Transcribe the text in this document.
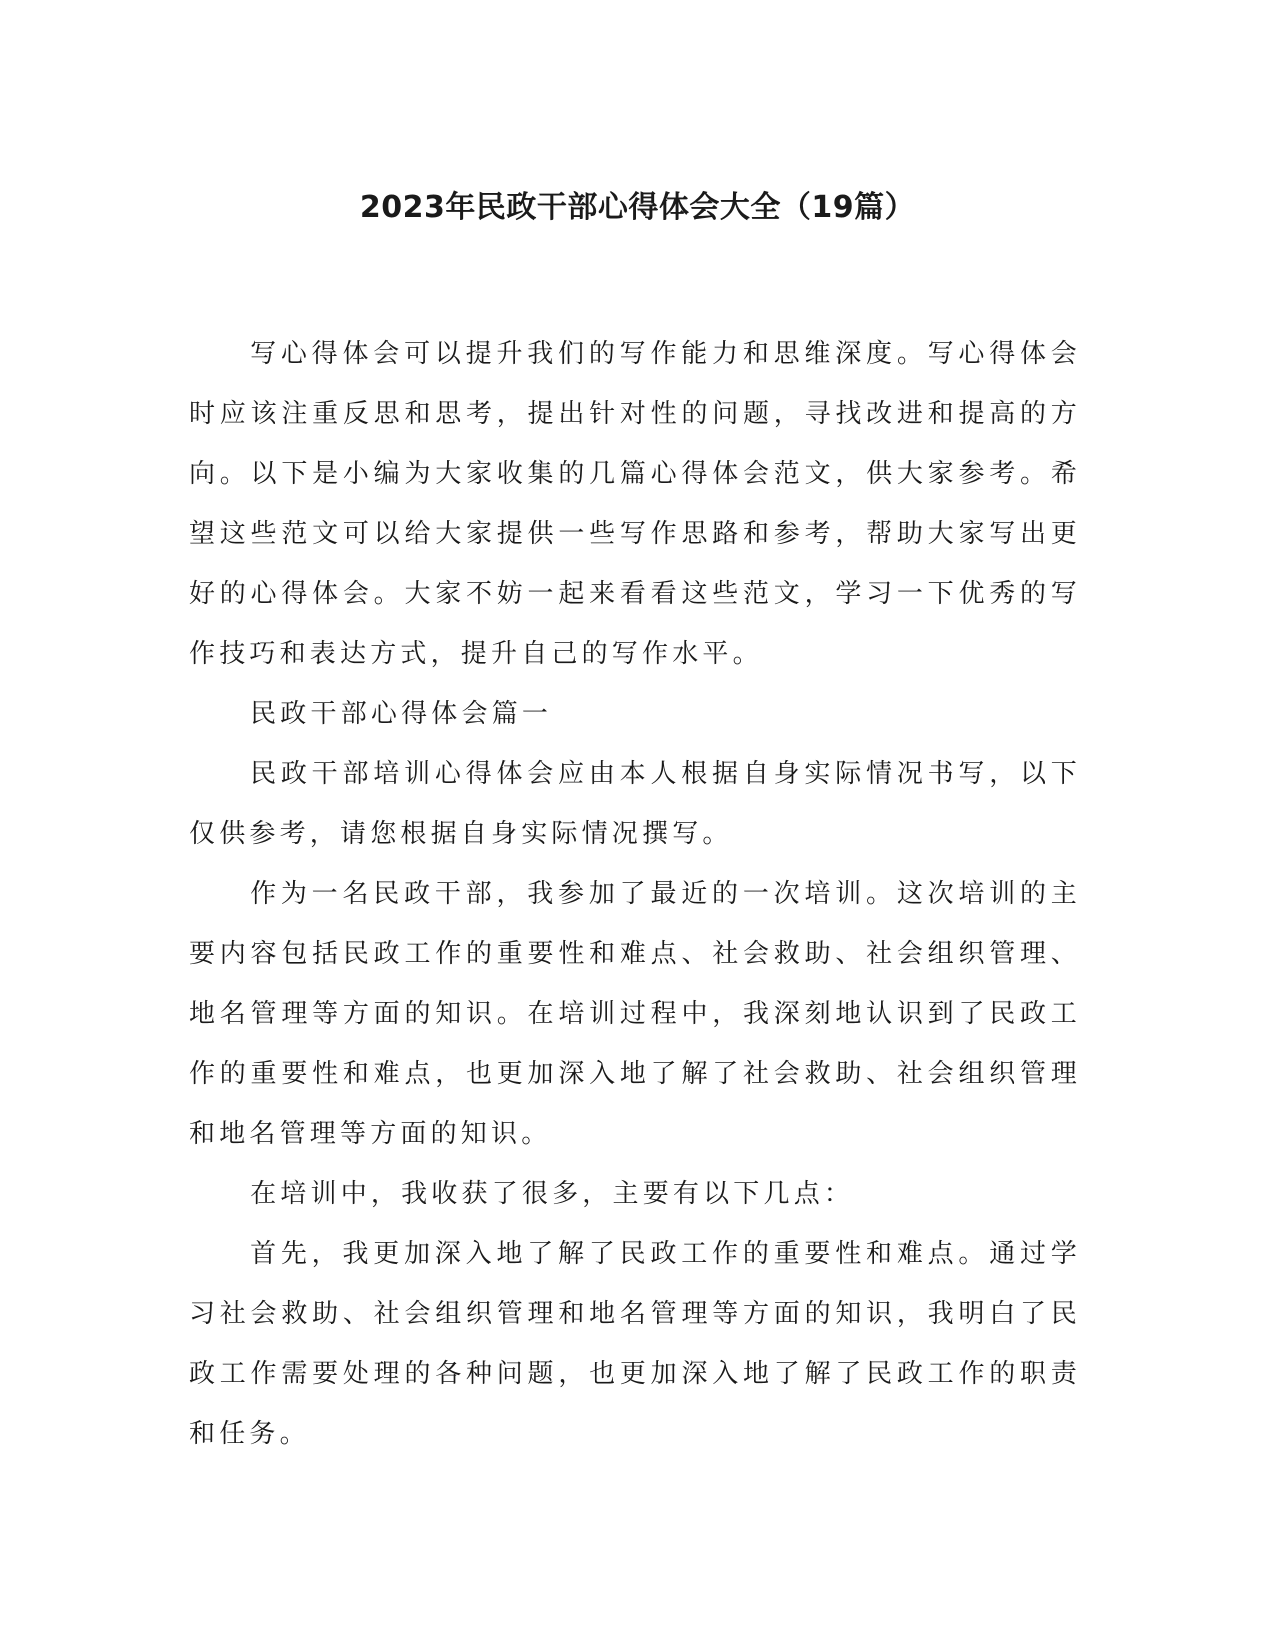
2023年民政干部心得体会大全（19篇）

写心得体会可以提升我们的写作能力和思维深度。写心得体会时应该注重反思和思考，提出针对性的问题，寻找改进和提高的方向。以下是小编为大家收集的几篇心得体会范文，供大家参考。希望这些范文可以给大家提供一些写作思路和参考，帮助大家写出更好的心得体会。大家不妨一起来看看这些范文，学习一下优秀的写作技巧和表达方式，提升自己的写作水平。

民政干部心得体会篇一

民政干部培训心得体会应由本人根据自身实际情况书写，以下仅供参考，请您根据自身实际情况撰写。

作为一名民政干部，我参加了最近的一次培训。这次培训的主要内容包括民政工作的重要性和难点、社会救助、社会组织管理、地名管理等方面的知识。在培训过程中，我深刻地认识到了民政工作的重要性和难点，也更加深入地了解了社会救助、社会组织管理和地名管理等方面的知识。

在培训中，我收获了很多，主要有以下几点：

首先，我更加深入地了解了民政工作的重要性和难点。通过学习社会救助、社会组织管理和地名管理等方面的知识，我明白了民政工作需要处理的各种问题，也更加深入地了解了民政工作的职责和任务。
